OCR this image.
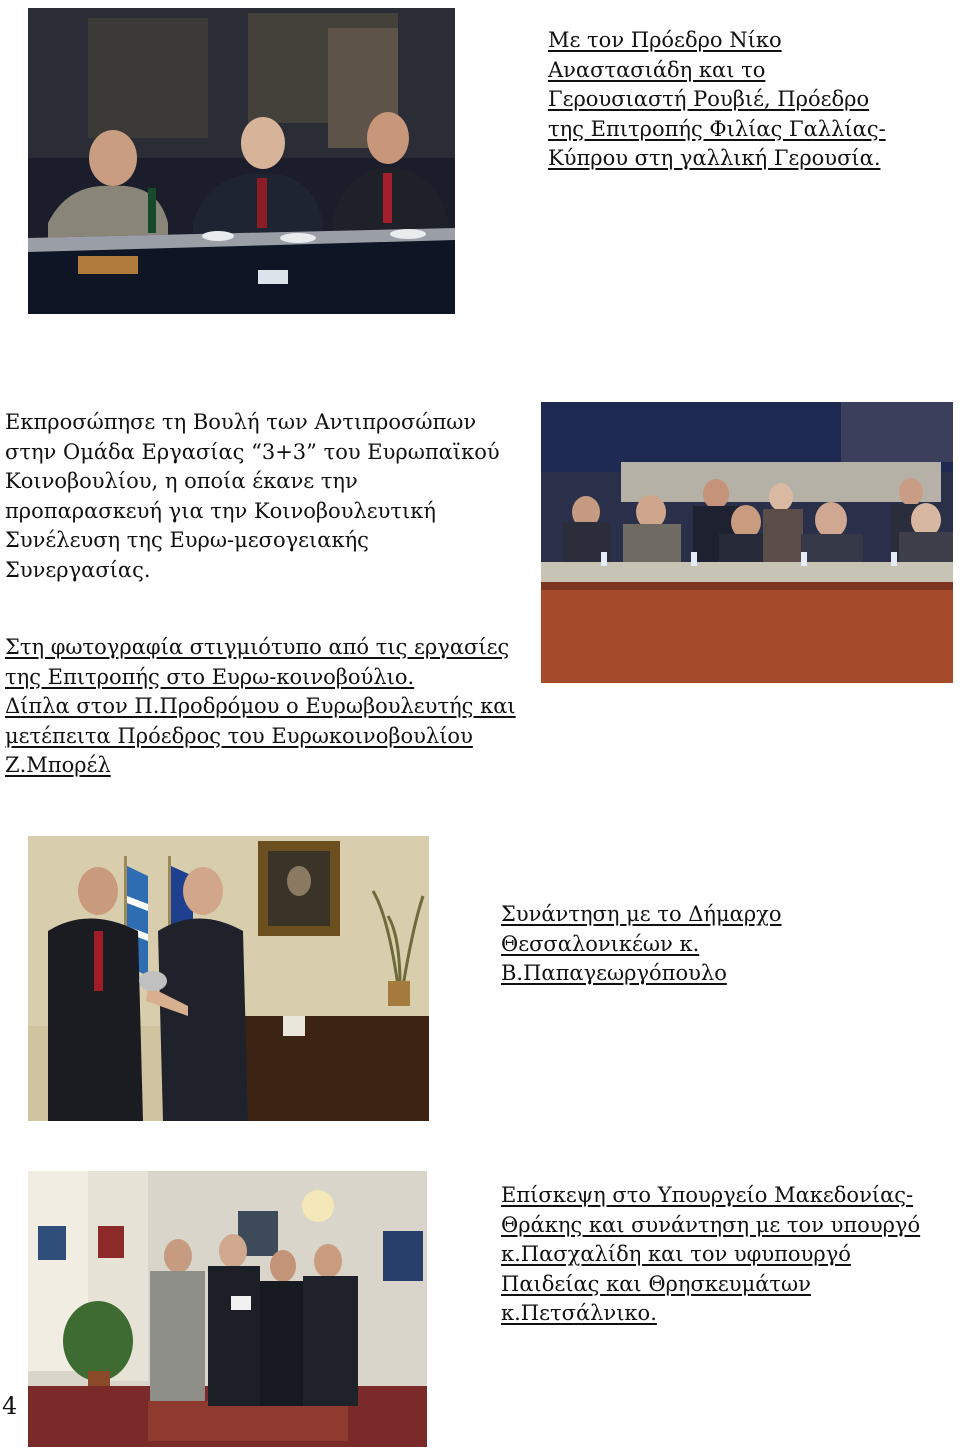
Με τον Πρόεδρο Νίκο
Αναστασιάδη και το
Γερουσιαστή Ρουβιέ, Πρόεδρο
της Επιτροπής Φιλίας Γαλλίας-
Κύπρου στη γαλλική Γερουσία.

Εκπροσώπησε τη Βουλή των Αντιπροσώπων
στην Ομάδα Εργασίας “3+3” του Ευρωπαϊκού
Κοινοβουλίου, η οποία έκανε την
προπαρασκευή για την Κοινοβουλευτική
Συνέλευση της Ευρω-μεσογειακής
Συνεργασίας.

Στη φωτογραφία στιγμιότυπο από τις εργασίες
της Επιτροπής στο Ευρω-κοινοβούλιο.
Δίπλα στον Π.Προδρόμου ο Ευρωβουλευτής και
μετέπειτα Πρόεδρος του Ευρωκοινοβουλίου
Ζ.Μπορέλ

Συνάντηση με το Δήμαρχο
Θεσσαλονικέων κ.
Β.Παπαγεωργόπουλο

Επίσκεψη στο Υπουργείο Μακεδονίας-
Θράκης και συνάντηση με τον υπουργό
κ.Πασχαλίδη και τον υφυπουργό
Παιδείας και Θρησκευμάτων
κ.Πετσάλνικο.

4
